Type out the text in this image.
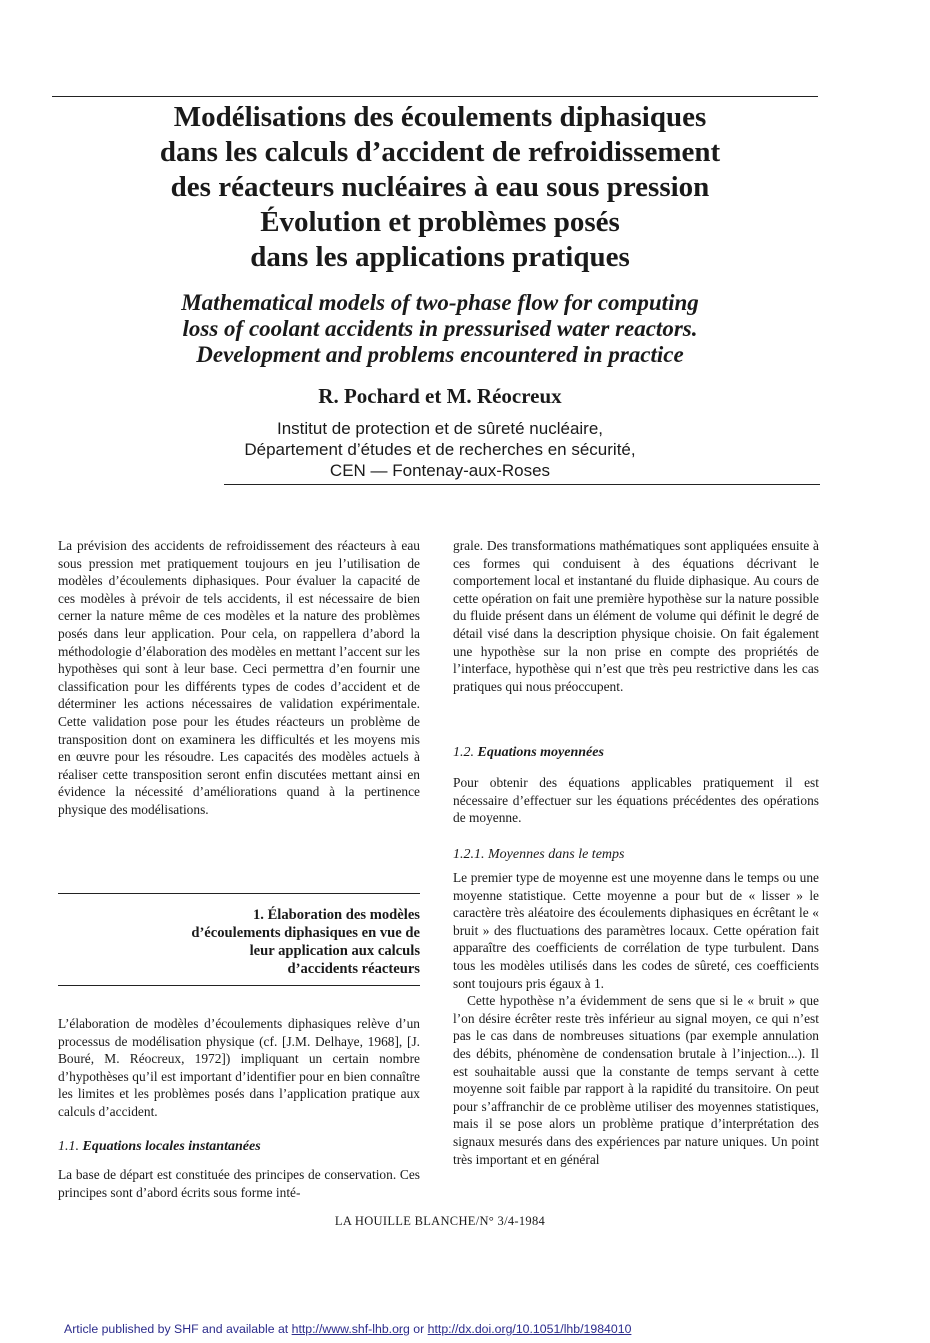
Modélisations des écoulements diphasiques
dans les calculs d’accident de refroidissement
des réacteurs nucléaires à eau sous pression
Évolution et problèmes posés
dans les applications pratiques
Mathematical models of two-phase flow for computing
loss of coolant accidents in pressurised water reactors.
Development and problems encountered in practice
R. Pochard et M. Réocreux
Institut de protection et de sûreté nucléaire,
Département d’études et de recherches en sécurité,
CEN — Fontenay-aux-Roses

La prévision des accidents de refroidissement des réacteurs à eau sous pression met pratiquement toujours en jeu l’utilisation de modèles d’écoulements diphasiques. Pour évaluer la capacité de ces modèles à prévoir de tels accidents, il est nécessaire de bien cerner la nature même de ces modèles et la nature des problèmes posés dans leur application. Pour cela, on rappellera d’abord la méthodologie d’élaboration des modèles en mettant l’accent sur les hypothèses qui sont à leur base. Ceci permettra d’en fournir une classification pour les différents types de codes d’accident et de déterminer les actions nécessaires de validation expérimentale. Cette validation pose pour les études réacteurs un problème de transposition dont on examinera les difficultés et les moyens mis en œuvre pour les résoudre. Les capacités des modèles actuels à réaliser cette transposition seront enfin discutées mettant ainsi en évidence la nécessité d’améliorations quand à la pertinence physique des modélisations.

1. Élaboration des modèles
d’écoulements diphasiques en vue de
leur application aux calculs
d’accidents réacteurs

L’élaboration de modèles d’écoulements diphasiques relève d’un processus de modélisation physique (cf. [J.M. Delhaye, 1968], [J. Bouré, M. Réocreux, 1972]) impliquant un certain nombre d’hypothèses qu’il est important d’identifier pour en bien connaître les limites et les problèmes posés dans l’application pratique aux calculs d’accident.

1.1. Equations locales instantanées

La base de départ est constituée des principes de conservation. Ces principes sont d’abord écrits sous forme inté-

grale. Des transformations mathématiques sont appliquées ensuite à ces formes qui conduisent à des équations décrivant le comportement local et instantané du fluide diphasique. Au cours de cette opération on fait une première hypothèse sur la nature possible du fluide présent dans un élément de volume qui définit le degré de détail visé dans la description physique choisie. On fait également une hypothèse sur la non prise en compte des propriétés de l’interface, hypothèse qui n’est que très peu restrictive dans les cas pratiques qui nous préoccupent.

1.2. Equations moyennées

Pour obtenir des équations applicables pratiquement il est nécessaire d’effectuer sur les équations précédentes des opérations de moyenne.

1.2.1. Moyennes dans le temps

Le premier type de moyenne est une moyenne dans le temps ou une moyenne statistique. Cette moyenne a pour but de « lisser » le caractère très aléatoire des écoulements diphasiques en écrêtant le « bruit » des fluctuations des paramètres locaux. Cette opération fait apparaître des coefficients de corrélation de type turbulent. Dans tous les modèles utilisés dans les codes de sûreté, ces coefficients sont toujours pris égaux à 1.

Cette hypothèse n’a évidemment de sens que si le « bruit » que l’on désire écrêter reste très inférieur au signal moyen, ce qui n’est pas le cas dans de nombreuses situations (par exemple annulation des débits, phénomène de condensation brutale à l’injection...). Il est souhaitable aussi que la constante de temps servant à cette moyenne soit faible par rapport à la rapidité du transitoire. On peut pour s’affranchir de ce problème utiliser des moyennes statistiques, mais il se pose alors un problème pratique d’interprétation des signaux mesurés dans des expériences par nature uniques. Un point très important et en général

LA HOUILLE BLANCHE/N° 3/4-1984
Article published by SHF and available at http://www.shf-lhb.org or http://dx.doi.org/10.1051/lhb/1984010
